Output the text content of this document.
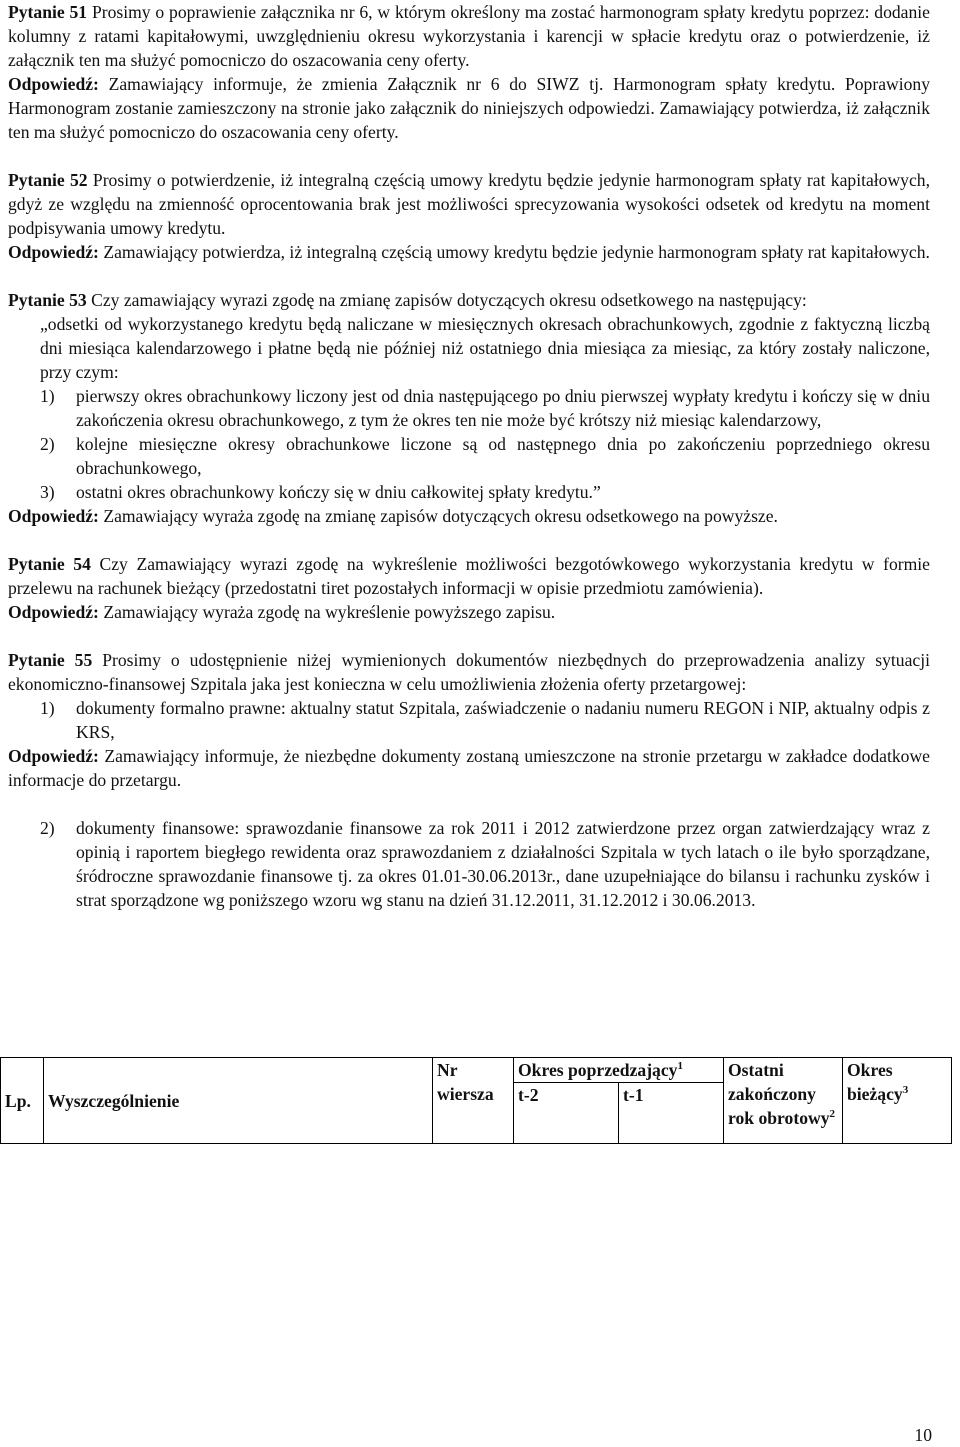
Pytanie 51 Prosimy o poprawienie załącznika nr 6, w którym określony ma zostać harmonogram spłaty kredytu poprzez: dodanie kolumny z ratami kapitałowymi, uwzględnieniu okresu wykorzystania i karencji w spłacie kredytu oraz o potwierdzenie, iż załącznik ten ma służyć pomocniczo do oszacowania ceny oferty.

Odpowiedź: Zamawiający informuje, że zmienia Załącznik nr 6 do SIWZ tj. Harmonogram spłaty kredytu. Poprawiony Harmonogram zostanie zamieszczony na stronie jako załącznik do niniejszych odpowiedzi. Zamawiający potwierdza, iż załącznik ten ma służyć pomocniczo do oszacowania ceny oferty.

Pytanie 52 Prosimy o potwierdzenie, iż integralną częścią umowy kredytu będzie jedynie harmonogram spłaty rat kapitałowych, gdyż ze względu na zmienność oprocentowania brak jest możliwości sprecyzowania wysokości odsetek od kredytu na moment podpisywania umowy kredytu.

Odpowiedź: Zamawiający potwierdza, iż integralną częścią umowy kredytu będzie jedynie harmonogram spłaty rat kapitałowych.

Pytanie 53 Czy zamawiający wyrazi zgodę na zmianę zapisów dotyczących okresu odsetkowego na następujący:

„odsetki od wykorzystanego kredytu będą naliczane w miesięcznych okresach obrachunkowych, zgodnie z faktyczną liczbą dni miesiąca kalendarzowego i płatne będą nie później niż ostatniego dnia miesiąca za miesiąc, za który zostały naliczone, przy czym:

1) pierwszy okres obrachunkowy liczony jest od dnia następującego po dniu pierwszej wypłaty kredytu i kończy się w dniu zakończenia okresu obrachunkowego, z tym że okres ten nie może być krótszy niż miesiąc kalendarzowy,
2) kolejne miesięczne okresy obrachunkowe liczone są od następnego dnia po zakończeniu poprzedniego okresu obrachunkowego,
3) ostatni okres obrachunkowy kończy się w dniu całkowitej spłaty kredytu.”

Odpowiedź: Zamawiający wyraża zgodę na zmianę zapisów dotyczących okresu odsetkowego na powyższe.

Pytanie 54 Czy Zamawiający wyrazi zgodę na wykreślenie możliwości bezgotówkowego wykorzystania kredytu w formie przelewu na rachunek bieżący (przedostatni tiret pozostałych informacji w opisie przedmiotu zamówienia).

Odpowiedź: Zamawiający wyraża zgodę na wykreślenie powyższego zapisu.

Pytanie 55 Prosimy o udostępnienie niżej wymienionych dokumentów niezbędnych do przeprowadzenia analizy sytuacji ekonomiczno-finansowej Szpitala jaka jest konieczna w celu umożliwienia złożenia oferty przetargowej:

1) dokumenty formalno prawne: aktualny statut Szpitala, zaświadczenie o nadaniu numeru REGON i NIP, aktualny odpis z KRS,

Odpowiedź: Zamawiający informuje, że niezbędne dokumenty zostaną umieszczone na stronie przetargu w zakładce dodatkowe informacje do przetargu.

2) dokumenty finansowe: sprawozdanie finansowe za rok 2011 i 2012 zatwierdzone przez organ zatwierdzający wraz z opinią i raportem biegłego rewidenta oraz sprawozdaniem z działalności Szpitala w tych latach o ile było sporządzane, śródroczne sprawozdanie finansowe tj. za okres 01.01-30.06.2013r., dane uzupełniające do bilansu i rachunku zysków i strat sporządzone wg poniższego wzoru wg stanu na dzień 31.12.2011, 31.12.2012 i 30.06.2013.
Lp.	Wyszczególnienie	Nr wiersza	Okres poprzedzający$^1$		Ostatni zakończony rok obrotowy$^2$	Okres bieżący$^3$
			t-2	t-1		
10
